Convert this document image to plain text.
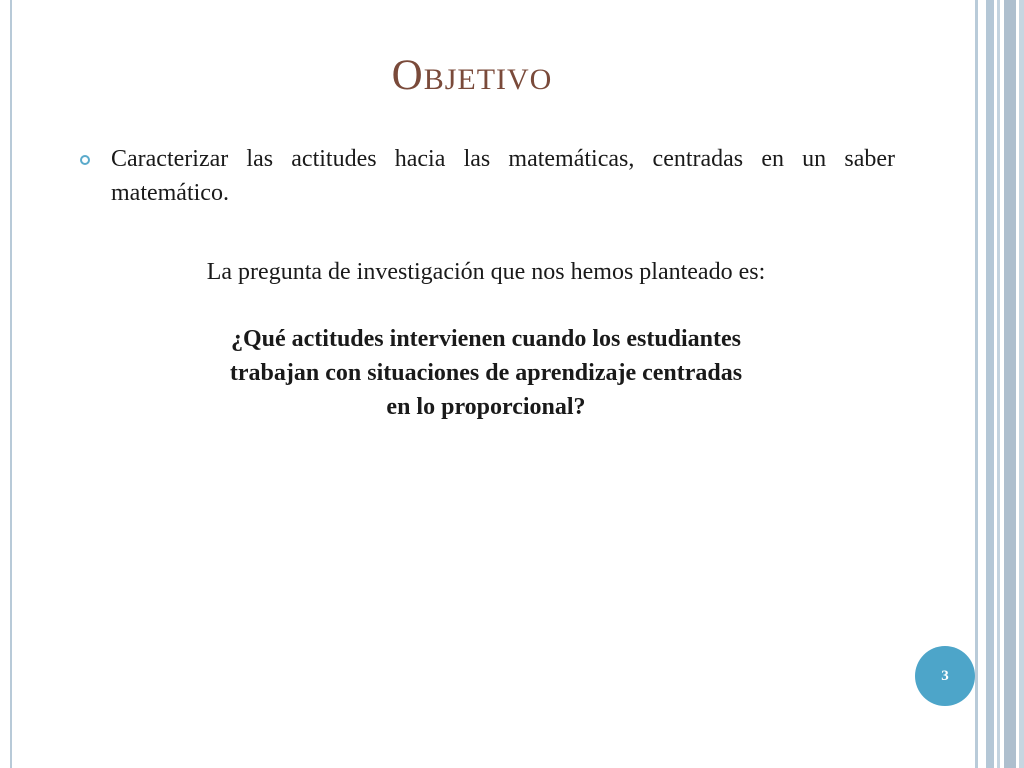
Objetivo
Caracterizar las actitudes hacia las matemáticas, centradas en un saber matemático.
La pregunta de investigación que nos hemos planteado es:
¿Qué actitudes intervienen cuando los estudiantes
trabajan con situaciones de aprendizaje centradas
en lo proporcional?
3
